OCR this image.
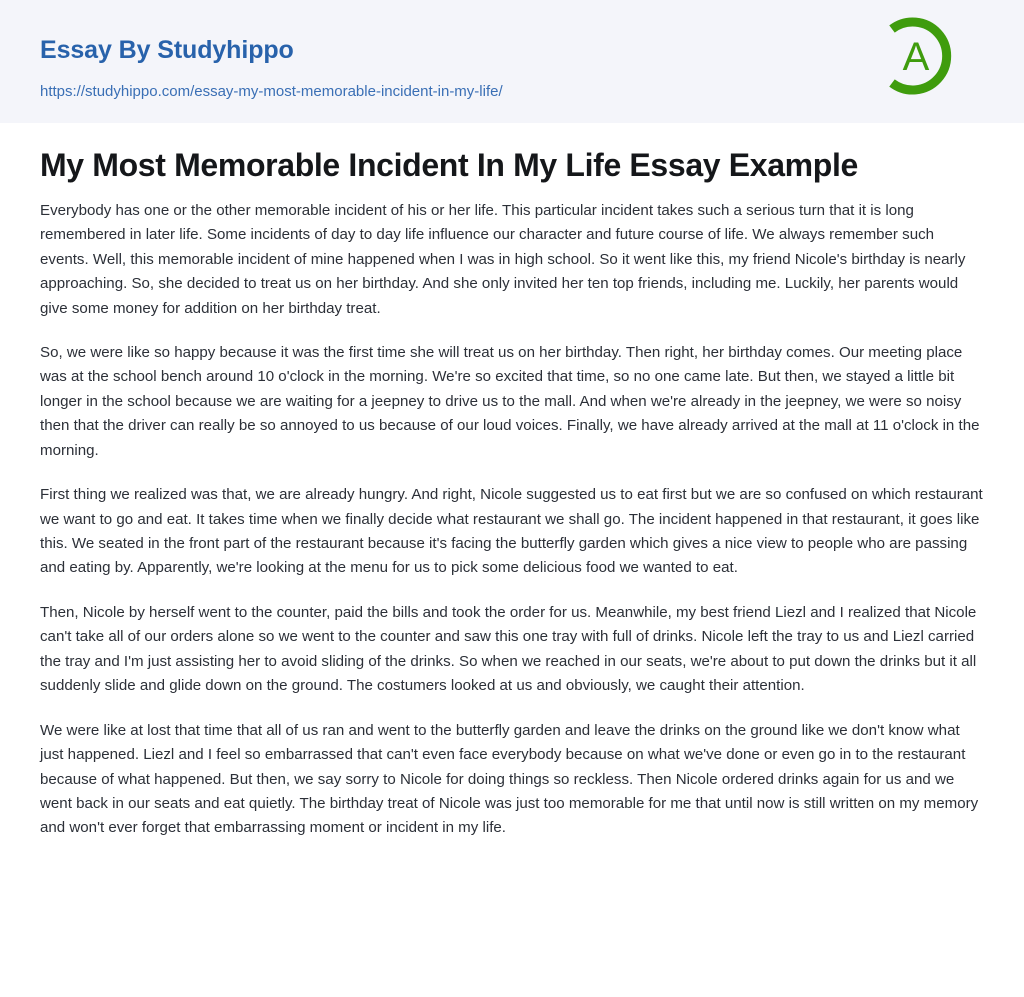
Essay By Studyhippo
https://studyhippo.com/essay-my-most-memorable-incident-in-my-life/
A
My Most Memorable Incident In My Life Essay Example

Everybody has one or the other memorable incident of his or her life. This particular incident takes such a serious turn that it is long remembered in later life. Some incidents of day to day life influence our character and future course of life. We always remember such events. Well, this memorable incident of mine happened when I was in high school. So it went like this, my friend Nicole's birthday is nearly approaching. So, she decided to treat us on her birthday. And she only invited her ten top friends, including me. Luckily, her parents would give some money for addition on her birthday treat.

So, we were like so happy because it was the first time she will treat us on her birthday. Then right, her birthday comes. Our meeting place was at the school bench around 10 o'clock in the morning. We're so excited that time, so no one came late. But then, we stayed a little bit longer in the school because we are waiting for a jeepney to drive us to the mall. And when we're already in the jeepney, we were so noisy then that the driver can really be so annoyed to us because of our loud voices. Finally, we have already arrived at the mall at 11 o'clock in the morning.

First thing we realized was that, we are already hungry. And right, Nicole suggested us to eat first but we are so confused on which restaurant we want to go and eat. It takes time when we finally decide what restaurant we shall go. The incident happened in that restaurant, it goes like this. We seated in the front part of the restaurant because it's facing the butterfly garden which gives a nice view to people who are passing and eating by. Apparently, we're looking at the menu for us to pick some delicious food we wanted to eat.

Then, Nicole by herself went to the counter, paid the bills and took the order for us. Meanwhile, my best friend Liezl and I realized that Nicole can't take all of our orders alone so we went to the counter and saw this one tray with full of drinks. Nicole left the tray to us and Liezl carried the tray and I'm just assisting her to avoid sliding of the drinks. So when we reached in our seats, we're about to put down the drinks but it all suddenly slide and glide down on the ground. The costumers looked at us and obviously, we caught their attention.

We were like at lost that time that all of us ran and went to the butterfly garden and leave the drinks on the ground like we don't know what just happened. Liezl and I feel so embarrassed that can't even face everybody because on what we've done or even go in to the restaurant because of what happened. But then, we say sorry to Nicole for doing things so reckless. Then Nicole ordered drinks again for us and we went back in our seats and eat quietly. The birthday treat of Nicole was just too memorable for me that until now is still written on my memory and won't ever forget that embarrassing moment or incident in my life.
